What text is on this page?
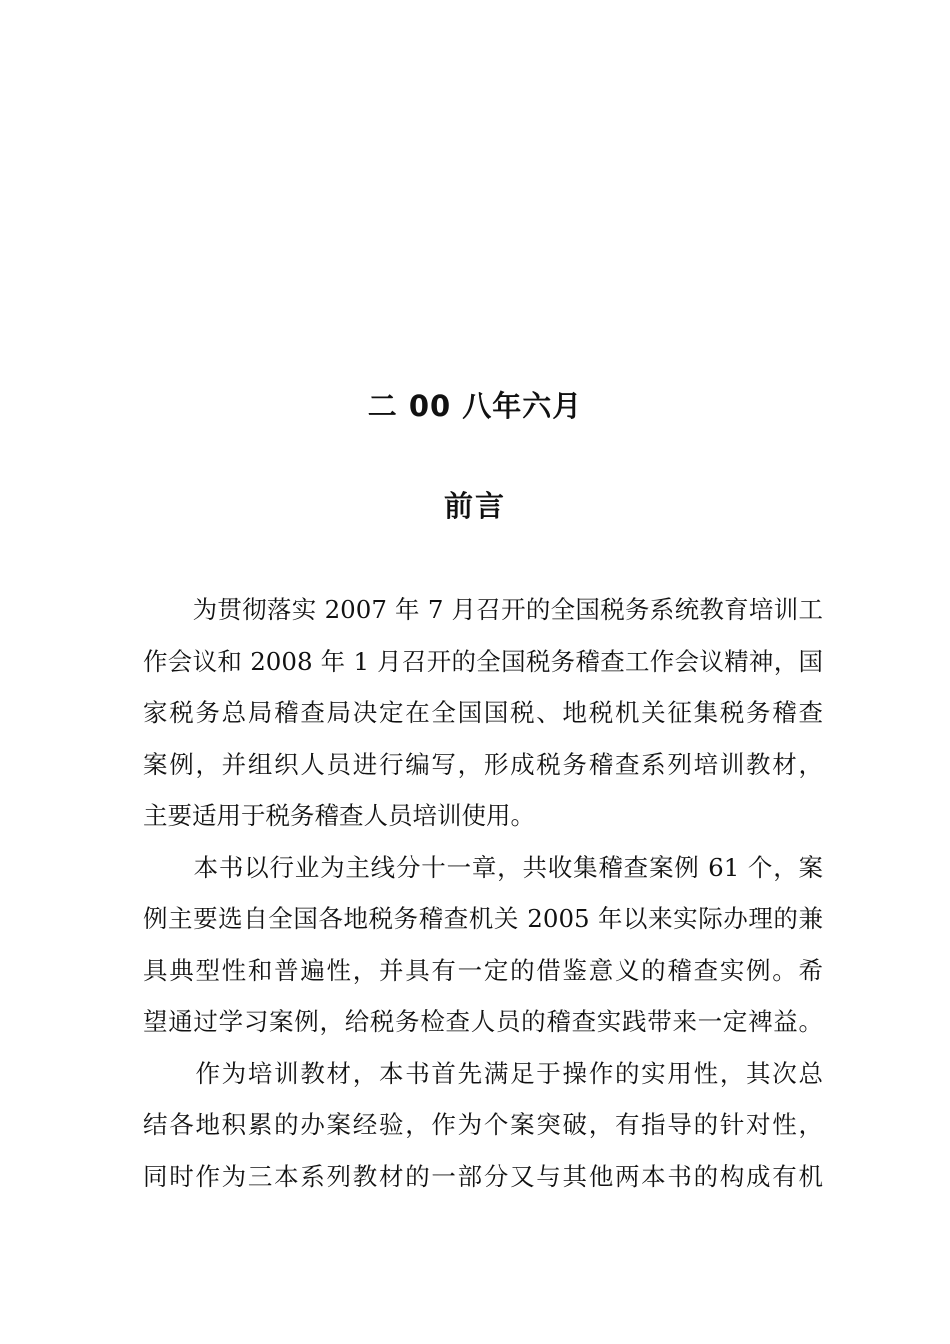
二 00 八年六月
前言
　　为贯彻落实 2007 年 7 月召开的全国税务系统教育培训工
作会议和 2008 年 1 月召开的全国税务稽查工作会议精神，国
家税务总局稽查局决定在全国国税、地税机关征集税务稽查
案例，并组织人员进行编写，形成税务稽查系列培训教材，
主要适用于税务稽查人员培训使用。
　　本书以行业为主线分十一章，共收集稽查案例 61 个，案
例主要选自全国各地税务稽查机关 2005 年以来实际办理的兼
具典型性和普遍性，并具有一定的借鉴意义的稽查实例。希
望通过学习案例，给税务检查人员的稽查实践带来一定裨益。
　　作为培训教材，本书首先满足于操作的实用性，其次总
结各地积累的办案经验，作为个案突破，有指导的针对性，
同时作为三本系列教材的一部分又与其他两本书的构成有机
